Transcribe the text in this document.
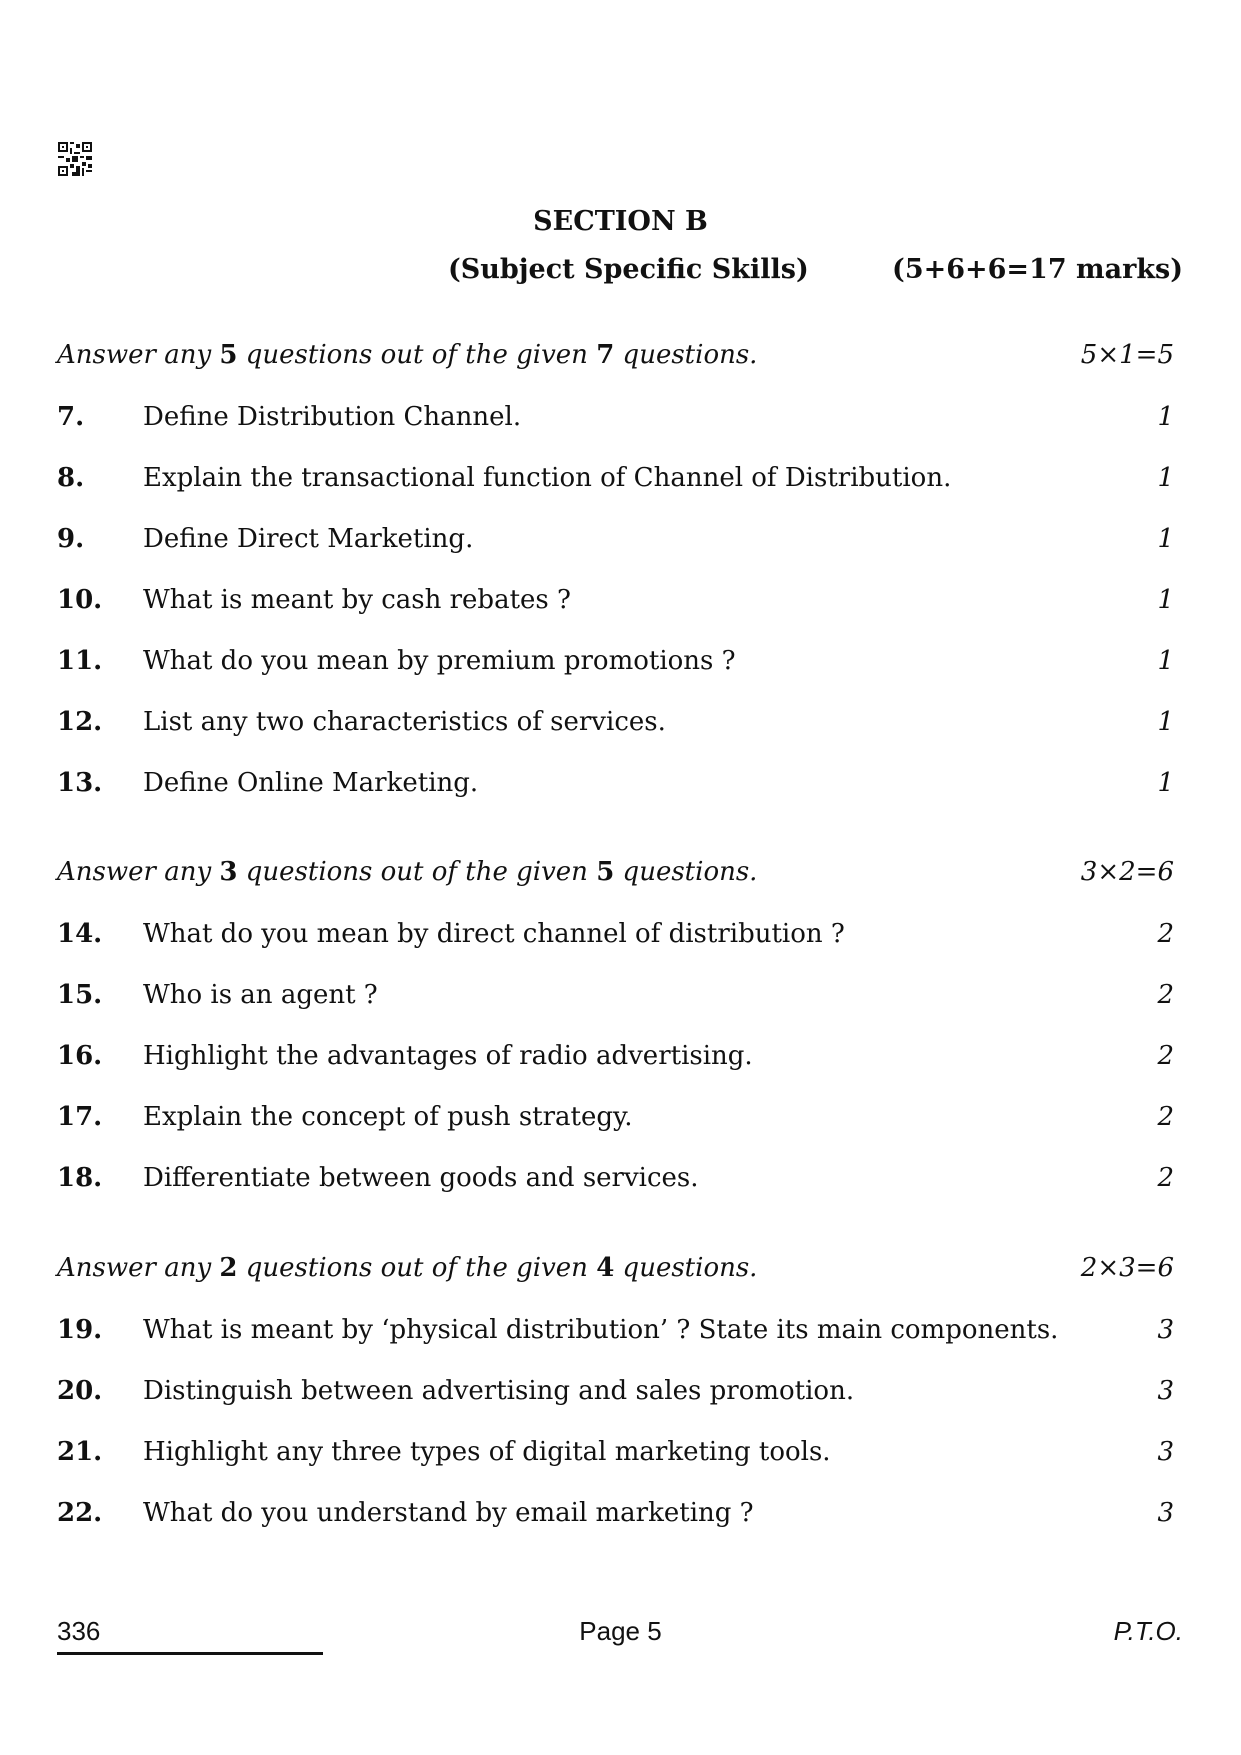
SECTION B
(Subject Specific Skills)	(5+6+6=17 marks)
Answer any 5 questions out of the given 7 questions.	5×1=5
7. Define Distribution Channel.	1
8. Explain the transactional function of Channel of Distribution.	1
9. Define Direct Marketing.	1
10. What is meant by cash rebates ?	1
11. What do you mean by premium promotions ?	1
12. List any two characteristics of services.	1
13. Define Online Marketing.	1
Answer any 3 questions out of the given 5 questions.	3×2=6
14. What do you mean by direct channel of distribution ?	2
15. Who is an agent ?	2
16. Highlight the advantages of radio advertising.	2
17. Explain the concept of push strategy.	2
18. Differentiate between goods and services.	2
Answer any 2 questions out of the given 4 questions.	2×3=6
19. What is meant by ‘physical distribution’ ? State its main components.	3
20. Distinguish between advertising and sales promotion.	3
21. Highlight any three types of digital marketing tools.	3
22. What do you understand by email marketing ?	3
336	Page 5	P.T.O.
